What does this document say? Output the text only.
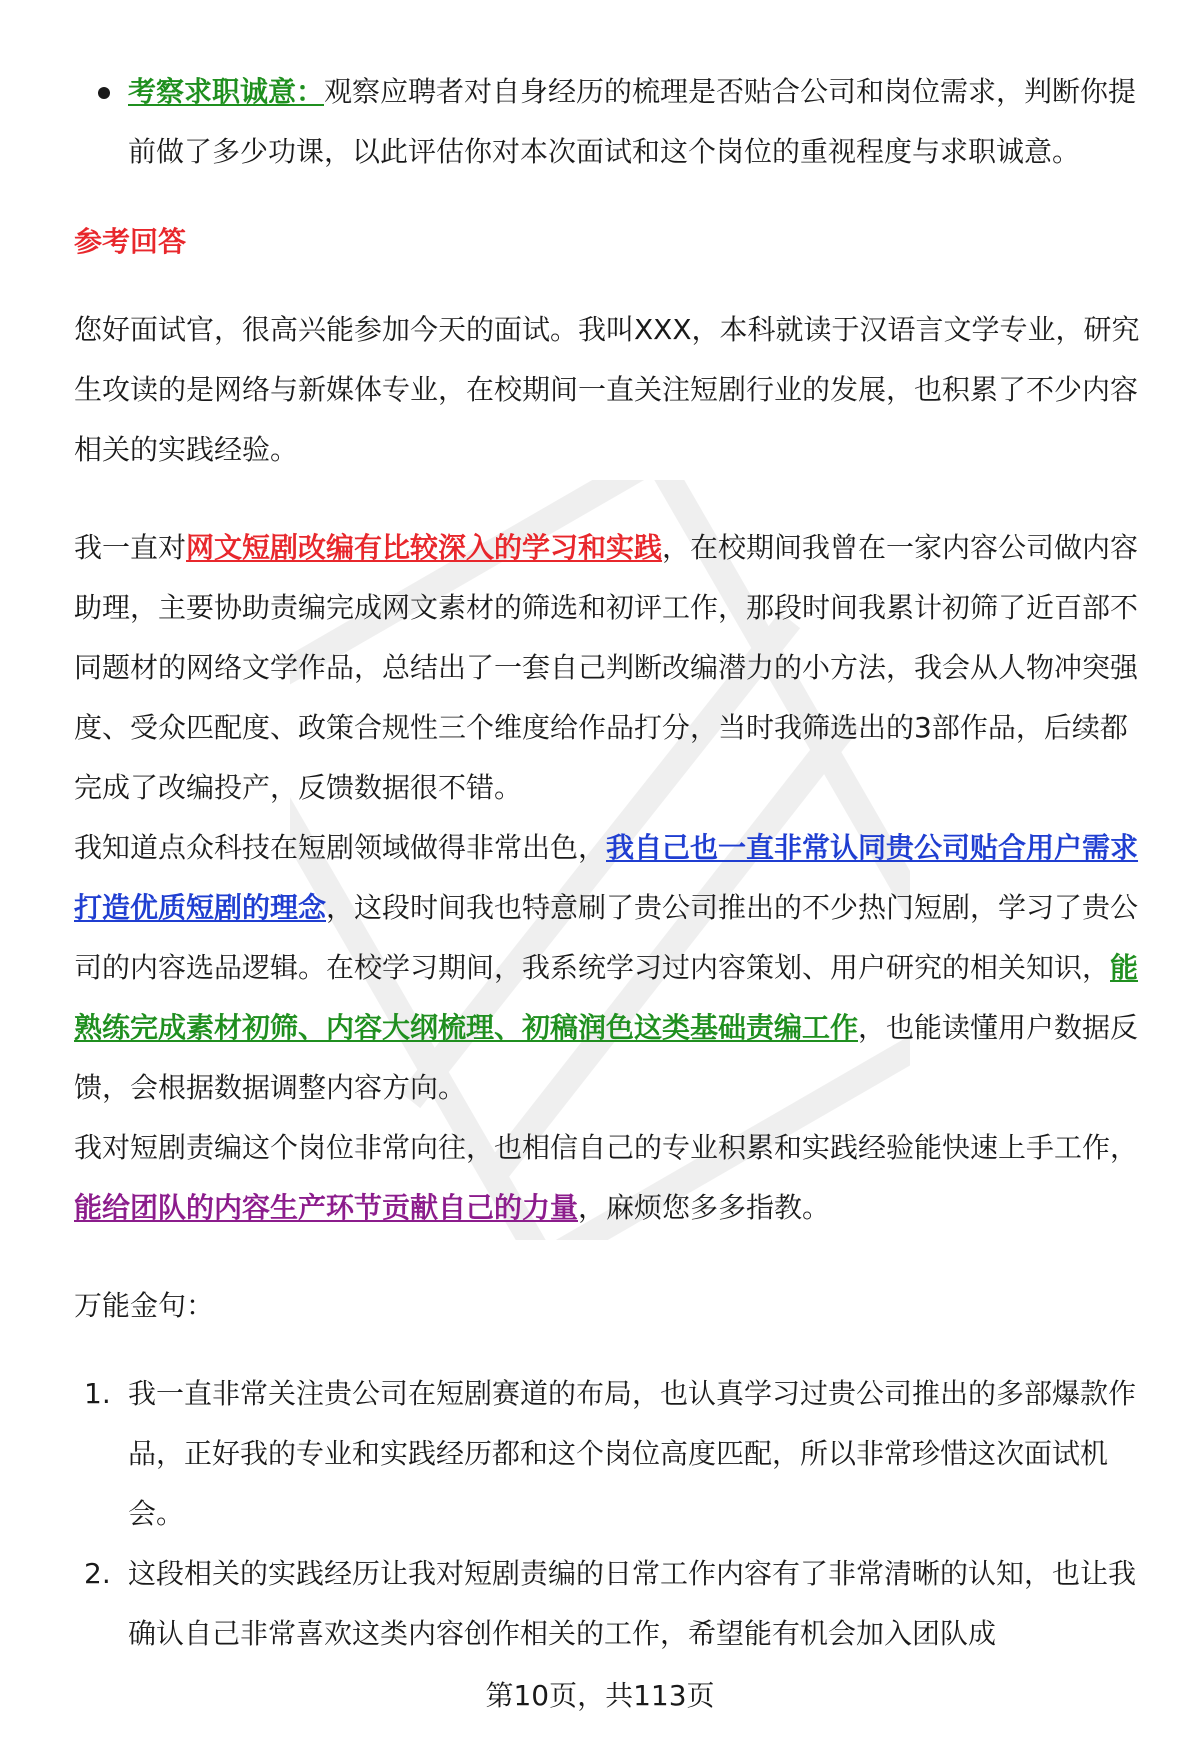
考察求职诚意：观察应聘者对自身经历的梳理是否贴合公司和岗位需求，判断你提前做了多少功课，以此评估你对本次面试和这个岗位的重视程度与求职诚意。

参考回答

您好面试官，很高兴能参加今天的面试。我叫XXX，本科就读于汉语言文学专业，研究生攻读的是网络与新媒体专业，在校期间一直关注短剧行业的发展，也积累了不少内容相关的实践经验。

我一直对网文短剧改编有比较深入的学习和实践，在校期间我曾在一家内容公司做内容助理，主要协助责编完成网文素材的筛选和初评工作，那段时间我累计初筛了近百部不同题材的网络文学作品，总结出了一套自己判断改编潜力的小方法，我会从人物冲突强度、受众匹配度、政策合规性三个维度给作品打分，当时我筛选出的3部作品，后续都完成了改编投产，反馈数据很不错。

我知道点众科技在短剧领域做得非常出色，我自己也一直非常认同贵公司贴合用户需求打造优质短剧的理念，这段时间我也特意刷了贵公司推出的不少热门短剧，学习了贵公司的内容选品逻辑。在校学习期间，我系统学习过内容策划、用户研究的相关知识，能熟练完成素材初筛、内容大纲梳理、初稿润色这类基础责编工作，也能读懂用户数据反馈，会根据数据调整内容方向。

我对短剧责编这个岗位非常向往，也相信自己的专业积累和实践经验能快速上手工作，能给团队的内容生产环节贡献自己的力量，麻烦您多多指教。

万能金句：

1. 我一直非常关注贵公司在短剧赛道的布局，也认真学习过贵公司推出的多部爆款作品，正好我的专业和实践经历都和这个岗位高度匹配，所以非常珍惜这次面试机会。
2. 这段相关的实践经历让我对短剧责编的日常工作内容有了非常清晰的认知，也让我确认自己非常喜欢这类内容创作相关的工作，希望能有机会加入团队成
第10页，共113页
